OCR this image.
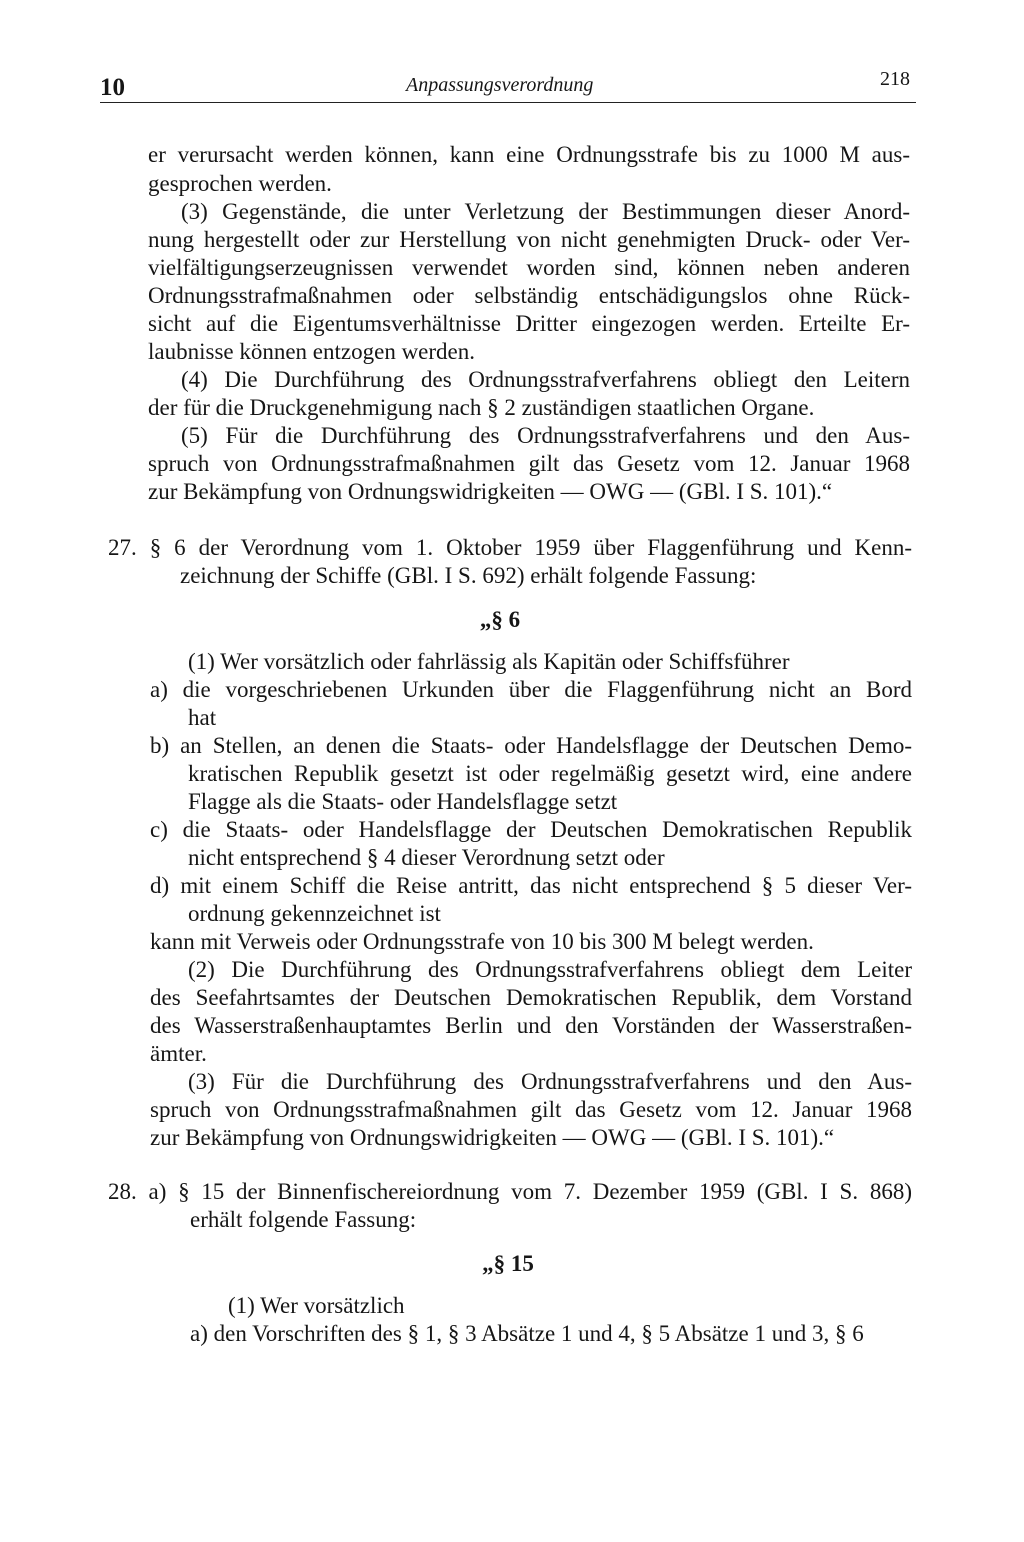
10	Anpassungsverordnung	218
er verursacht werden können, kann eine Ordnungsstrafe bis zu 1000 M aus-
gesprochen werden.
(3) Gegenstände, die unter Verletzung der Bestimmungen dieser Anord-
nung hergestellt oder zur Herstellung von nicht genehmigten Druck- oder Ver-
vielfältigungserzeugnissen verwendet worden sind, können neben anderen
Ordnungsstrafmaßnahmen oder selbständig entschädigungslos ohne Rück-
sicht auf die Eigentumsverhältnisse Dritter eingezogen werden. Erteilte Er-
laubnisse können entzogen werden.
(4) Die Durchführung des Ordnungsstrafverfahrens obliegt den Leitern
der für die Druckgenehmigung nach § 2 zuständigen staatlichen Organe.
(5) Für die Durchführung des Ordnungsstrafverfahrens und den Aus-
spruch von Ordnungsstrafmaßnahmen gilt das Gesetz vom 12. Januar 1968
zur Bekämpfung von Ordnungswidrigkeiten — OWG — (GBl. I S. 101).“
27. § 6 der Verordnung vom 1. Oktober 1959 über Flaggenführung und Kenn-
zeichnung der Schiffe (GBl. I S. 692) erhält folgende Fassung:
„§ 6
(1) Wer vorsätzlich oder fahrlässig als Kapitän oder Schiffsführer
a) die vorgeschriebenen Urkunden über die Flaggenführung nicht an Bord
hat
b) an Stellen, an denen die Staats- oder Handelsflagge der Deutschen Demo-
kratischen Republik gesetzt ist oder regelmäßig gesetzt wird, eine andere
Flagge als die Staats- oder Handelsflagge setzt
c) die Staats- oder Handelsflagge der Deutschen Demokratischen Republik
nicht entsprechend § 4 dieser Verordnung setzt oder
d) mit einem Schiff die Reise antritt, das nicht entsprechend § 5 dieser Ver-
ordnung gekennzeichnet ist
kann mit Verweis oder Ordnungsstrafe von 10 bis 300 M belegt werden.
(2) Die Durchführung des Ordnungsstrafverfahrens obliegt dem Leiter
des Seefahrtsamtes der Deutschen Demokratischen Republik, dem Vorstand
des Wasserstraßenhauptamtes Berlin und den Vorständen der Wasserstraßen-
ämter.
(3) Für die Durchführung des Ordnungsstrafverfahrens und den Aus-
spruch von Ordnungsstrafmaßnahmen gilt das Gesetz vom 12. Januar 1968
zur Bekämpfung von Ordnungswidrigkeiten — OWG — (GBl. I S. 101).“
28. a) § 15 der Binnenfischereiordnung vom 7. Dezember 1959 (GBl. I S. 868)
erhält folgende Fassung:
„§ 15
(1) Wer vorsätzlich
a) den Vorschriften des § 1, § 3 Absätze 1 und 4, § 5 Absätze 1 und 3, § 6
